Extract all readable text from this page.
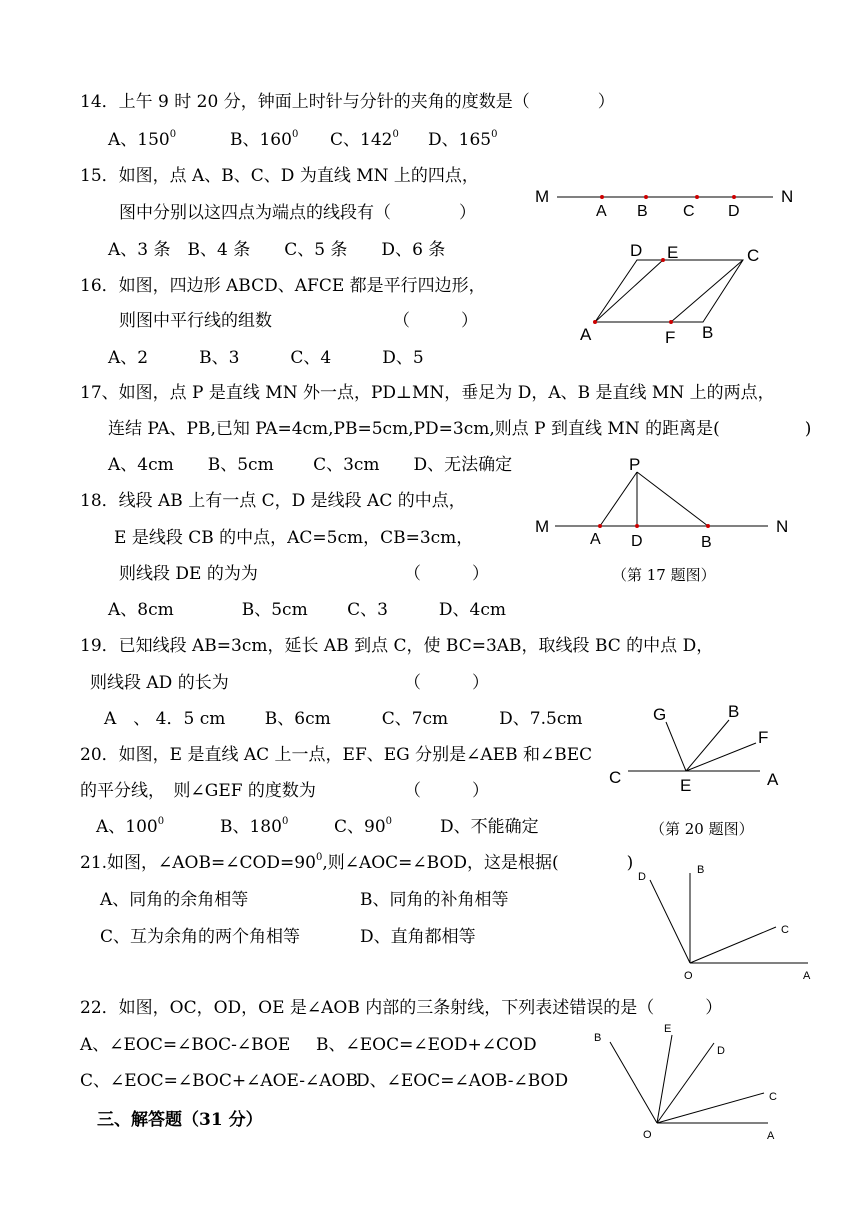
14．上午 9 时 20 分，钟面上时针与分针的夹角的度数是（　　　　）
A、$150^0$	B、$160^0$ C、$142^0$ D、$165^0$
15．如图，点 A、B、C、D 为直线 MN 上的四点，
图中分别以这四点为端点的线段有（　　　　）
A、3 条　B、4 条　　C、5 条　　D、6 条
M	N
A B C D
16．如图，四边形 ABCD、AFCE 都是平行四边形，
则图中平行线的组数	（　　　）
A、2　　　B、3　　　C、4　　　D、5
D E	C
A	F B
17、如图，点 P 是直线 MN 外一点，PD⊥MN，垂足为 D，A、B 是直线 MN 上的两点，
连结 PA、PB,已知 PA=4cm,PB=5cm,PD=3cm,则点 P 到直线 MN 的距离是(　　　　　)
A、4cm　　B、5cm　　 C、3cm　　D、无法确定	P
M	N
A D	B
（第 17 题图）
18．线段 AB 上有一点 C，D 是线段 AC 的中点，
E 是线段 CB 的中点，AC=5cm，CB=3cm，
则线段 DE 的为为	（　　　）
A、8cm　　　　B、5cm　　 C、3　　　D、4cm
19．已知线段 AB=3cm，延长 AB 到点 C，使 BC=3AB，取线段 BC 的中点 D，
则线段 AD 的长为	（　　　）
A　、 4．5 cm　　 B、6cm　　　C、7cm　　　D、7.5cm
20．如图，E 是直线 AC 上一点，EF、EG 分别是∠AEB 和∠BEC
的平分线，　则∠GEF 的度数为	（　　　）
A、$100^0$	B、$180^0$	C、$90^0$	D、不能确定
G	B
F
C	E	A
（第 20 题图）
21.如图，$\angle AOB=\angle COD=90^0$,则∠AOC=∠BOD，这是根据(　　　　)
A、同角的余角相等	B、同角的补角相等
C、互为余角的两个角相等	D、直角都相等
D
B
C
O	A
22．如图，OC，OD，OE 是∠AOB 内部的三条射线，下列表述错误的是（　　　）
A、∠EOC=∠BOC-∠BOE B、∠EOC=∠EOD+∠COD
C、∠EOC=∠BOC+∠AOE-∠AOB
D、∠EOC=∠AOB-∠BOD
B
E
D
C
O	A
三、解答题（31 分）
